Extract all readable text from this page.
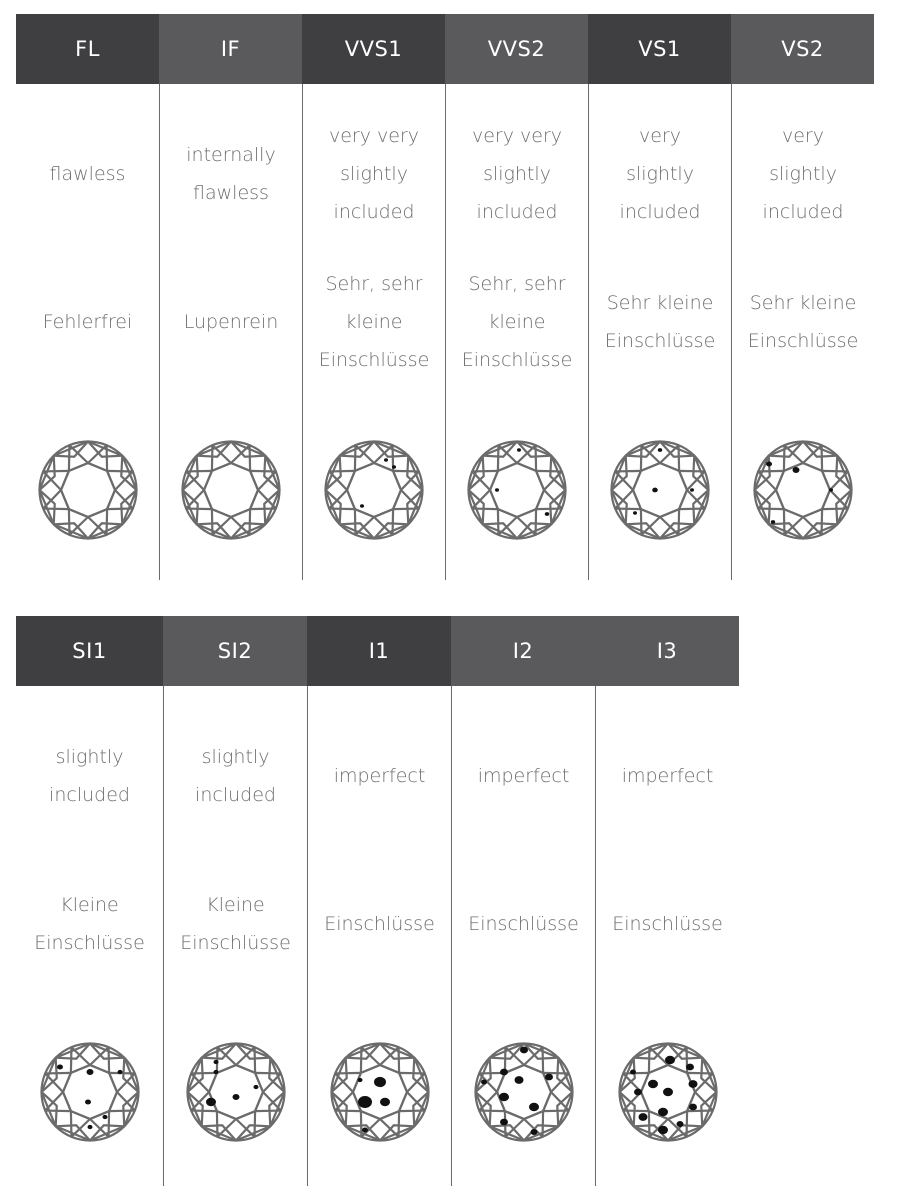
FL
flawless
Fehlerfrei
IF
internally flawless
Lupenrein
VVS1
very very slightly included
Sehr, sehr kleine Einschlüsse
VVS2
very very slightly included
Sehr, sehr kleine Einschlüsse
VS1
very slightly included
Sehr kleine Einschlüsse
VS2
very slightly included
Sehr kleine Einschlüsse
SI1
slightly included
Kleine Einschlüsse
SI2
slightly included
Kleine Einschlüsse
I1
imperfect
Einschlüsse
I2
imperfect
Einschlüsse
I3
imperfect
Einschlüsse
